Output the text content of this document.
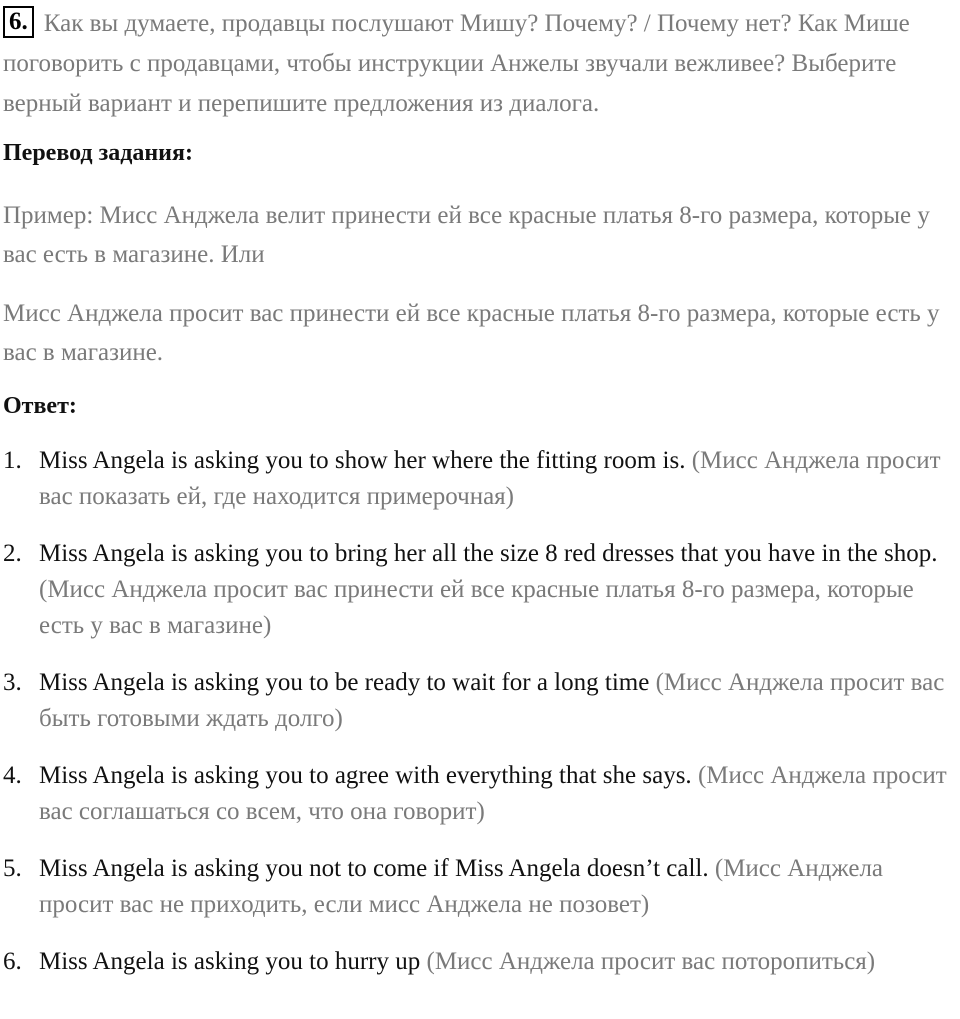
6. Как вы думаете, продавцы послушают Мишу? Почему? / Почему нет? Как Мише поговорить с продавцами, чтобы инструкции Анжелы звучали вежливее? Выберите верный вариант и перепишите предложения из диалога.
Перевод задания:
Пример: Мисс Анджела велит принести ей все красные платья 8-го размера, которые у вас есть в магазине. Или
Мисс Анджела просит вас принести ей все красные платья 8-го размера, которые есть у вас в магазине.
Ответ:
1. Miss Angela is asking you to show her where the fitting room is. (Мисс Анджела просит вас показать ей, где находится примерочная)
2. Miss Angela is asking you to bring her all the size 8 red dresses that you have in the shop. (Мисс Анджела просит вас принести ей все красные платья 8-го размера, которые есть у вас в магазине)
3. Miss Angela is asking you to be ready to wait for a long time (Мисс Анджела просит вас быть готовыми ждать долго)
4. Miss Angela is asking you to agree with everything that she says. (Мисс Анджела просит вас соглашаться со всем, что она говорит)
5. Miss Angela is asking you not to come if Miss Angela doesn’t call. (Мисс Анджела просит вас не приходить, если мисс Анджела не позовет)
6. Miss Angela is asking you to hurry up (Мисс Анджела просит вас поторопиться)
